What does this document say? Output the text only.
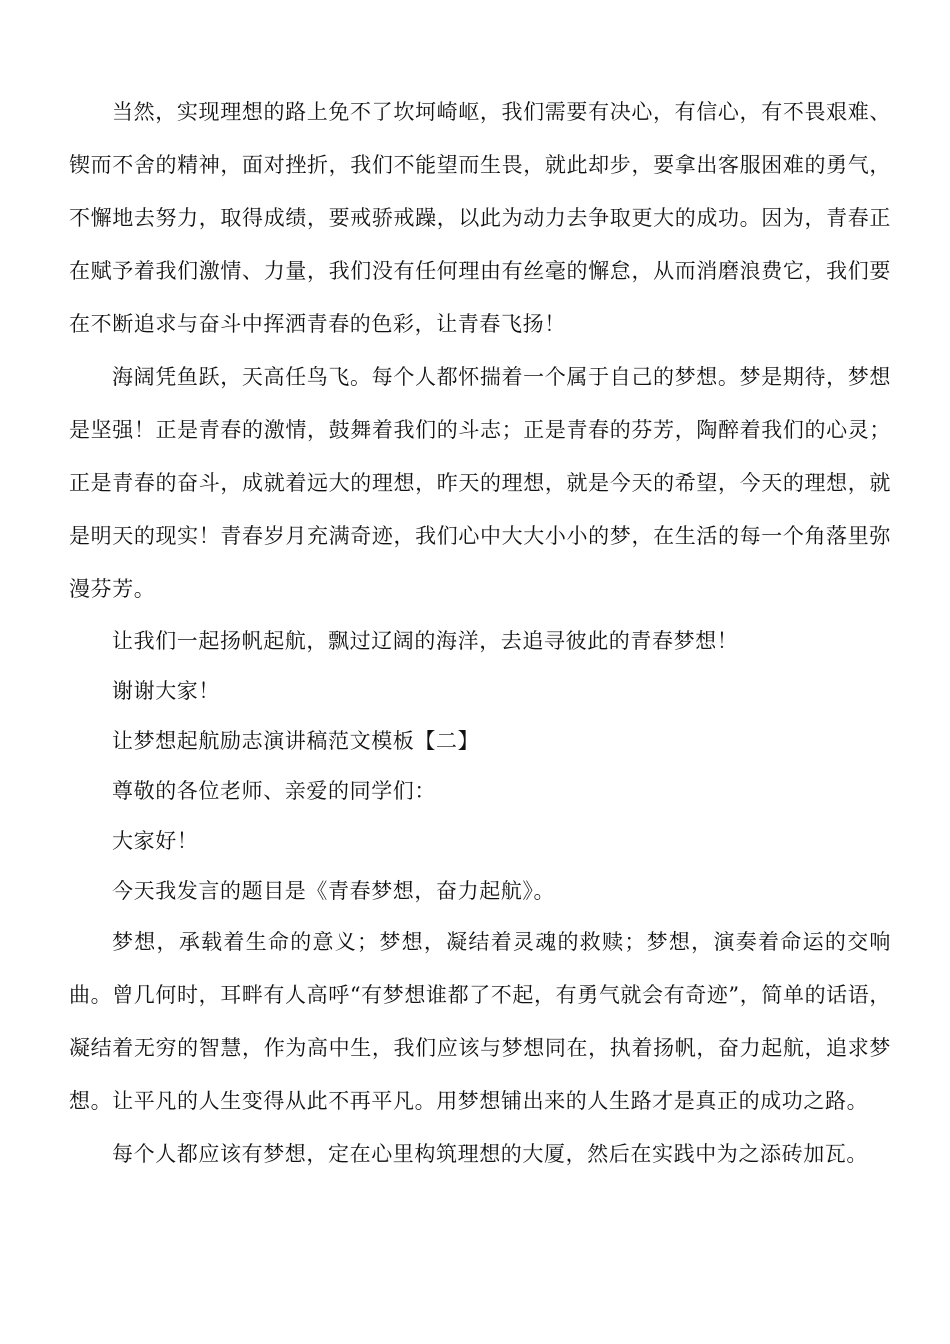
当然，实现理想的路上免不了坎坷崎岖，我们需要有决心，有信心，有不畏艰难、锲而不舍的精神，面对挫折，我们不能望而生畏，就此却步，要拿出客服困难的勇气，不懈地去努力，取得成绩，要戒骄戒躁，以此为动力去争取更大的成功。因为，青春正在赋予着我们激情、力量，我们没有任何理由有丝毫的懈怠，从而消磨浪费它，我们要在不断追求与奋斗中挥洒青春的色彩，让青春飞扬！

海阔凭鱼跃，天高任鸟飞。每个人都怀揣着一个属于自己的梦想。梦是期待，梦想是坚强！正是青春的激情，鼓舞着我们的斗志；正是青春的芬芳，陶醉着我们的心灵；正是青春的奋斗，成就着远大的理想，昨天的理想，就是今天的希望，今天的理想，就是明天的现实！青春岁月充满奇迹，我们心中大大小小的梦，在生活的每一个角落里弥漫芬芳。

让我们一起扬帆起航，飘过辽阔的海洋，去追寻彼此的青春梦想！

谢谢大家！

让梦想起航励志演讲稿范文模板【二】

尊敬的各位老师、亲爱的同学们：

大家好！

今天我发言的题目是《青春梦想，奋力起航》。

梦想，承载着生命的意义；梦想，凝结着灵魂的救赎；梦想，演奏着命运的交响曲。曾几何时，耳畔有人高呼“有梦想谁都了不起，有勇气就会有奇迹”，简单的话语，凝结着无穷的智慧，作为高中生，我们应该与梦想同在，执着扬帆，奋力起航，追求梦想。让平凡的人生变得从此不再平凡。用梦想铺出来的人生路才是真正的成功之路。

每个人都应该有梦想，定在心里构筑理想的大厦，然后在实践中为之添砖加瓦。
